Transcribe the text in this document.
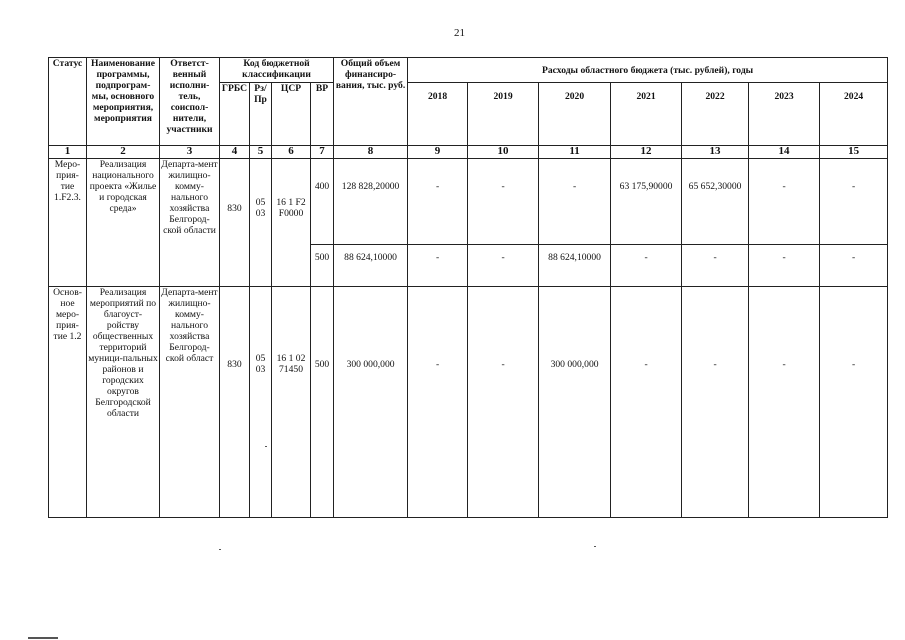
21
Статус	Наименование программы, подпрограм-мы, основного мероприятия, мероприятия	Ответст-венный исполни-тель, соиспол-нители, участники	Код бюджетной классификации				Общий объем финансиро-вания, тыс. руб.	Расходы областного бюджета (тыс. рублей), годы						
			ГРБС	Рз/ Пр	ЦСР	ВР		2018	2019	2020	2021	2022	2023	2024
1	2	3	4	5	6	7	8	9	10	11	12	13	14	15
Меро-прия-тие 1.F2.3.	Реализация национального проекта «Жилье и городская среда»	Департа-мент жилищно-комму-нального хозяйства Белгород-ской области	830	05 03	16 1 F2 F0000	400	128 828,20000	-	-	-	63 175,90000	65 652,30000	-	-
						500	88 624,10000	-	-	88 624,10000	-	-	-	-
Основ-ное меро-прия-тие 1.2	Реализация мероприятий по благоуст-ройству общественных территорий муници-пальных районов и городских округов Белгородской области	Департа-мент жилищно-комму-нального хозяйства Белгород-ской област	830	05 03	16 1 02 71450	500	300 000,000	-	-	300 000,000	-	-	-	-
